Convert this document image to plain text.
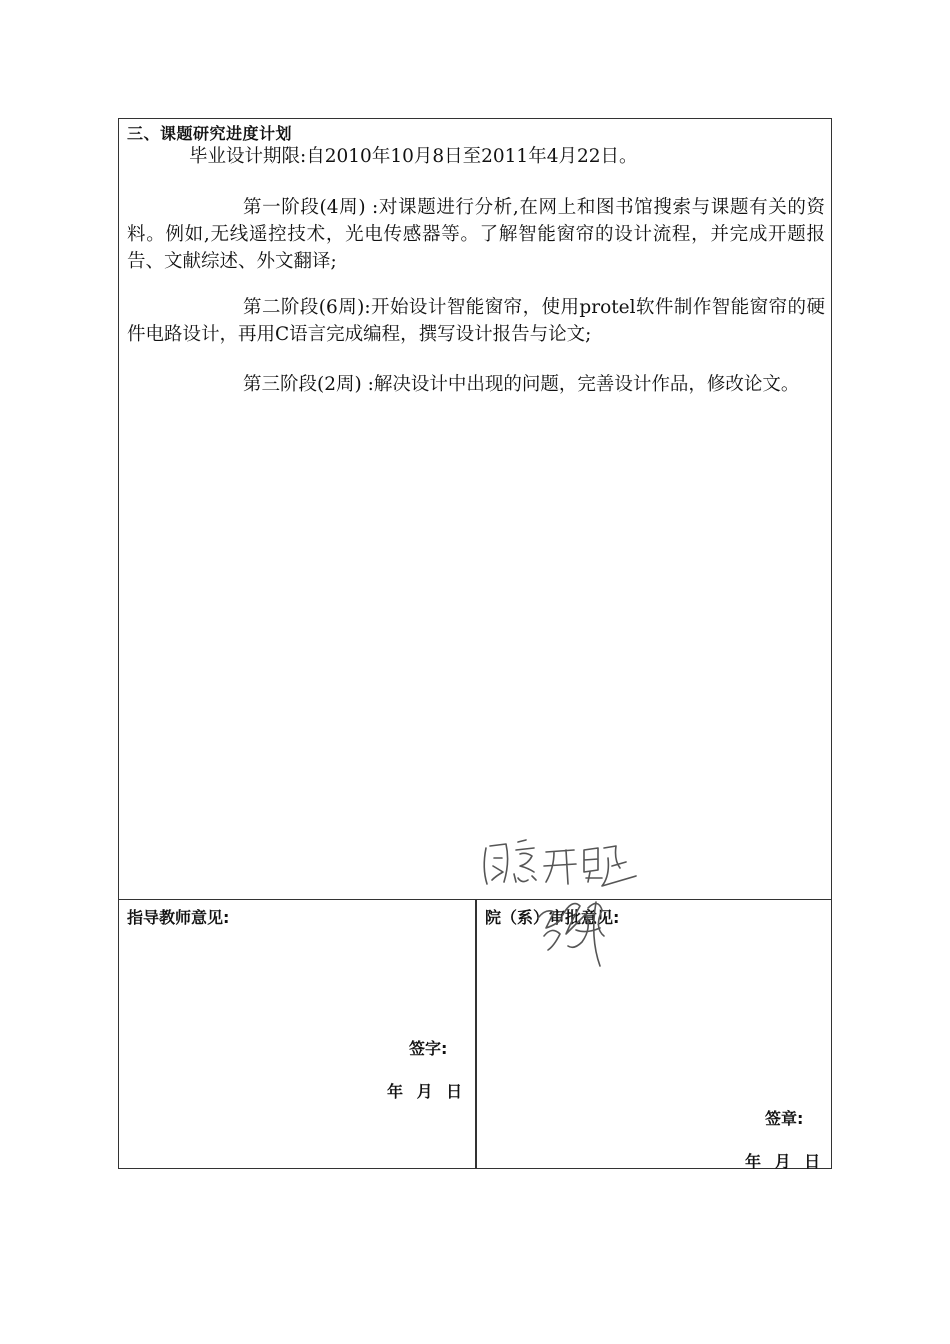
三、课题研究进度计划
毕业设计期限:自2010年10月8日至2011年4月22日。
第一阶段(4周) :对课题进行分析,在网上和图书馆搜索与课题有关的资料。例如,无线遥控技术，光电传感器等。了解智能窗帘的设计流程，并完成开题报告、文献综述、外文翻译;
第二阶段(6周):开始设计智能窗帘，使用protel软件制作智能窗帘的硬件电路设计，再用C语言完成编程，撰写设计报告与论文;
第三阶段(2周) :解决设计中出现的问题，完善设计作品，修改论文。
指导教师意见:
签字:
年 月 日
院（系）审批意见:
签章:
年 月 日
